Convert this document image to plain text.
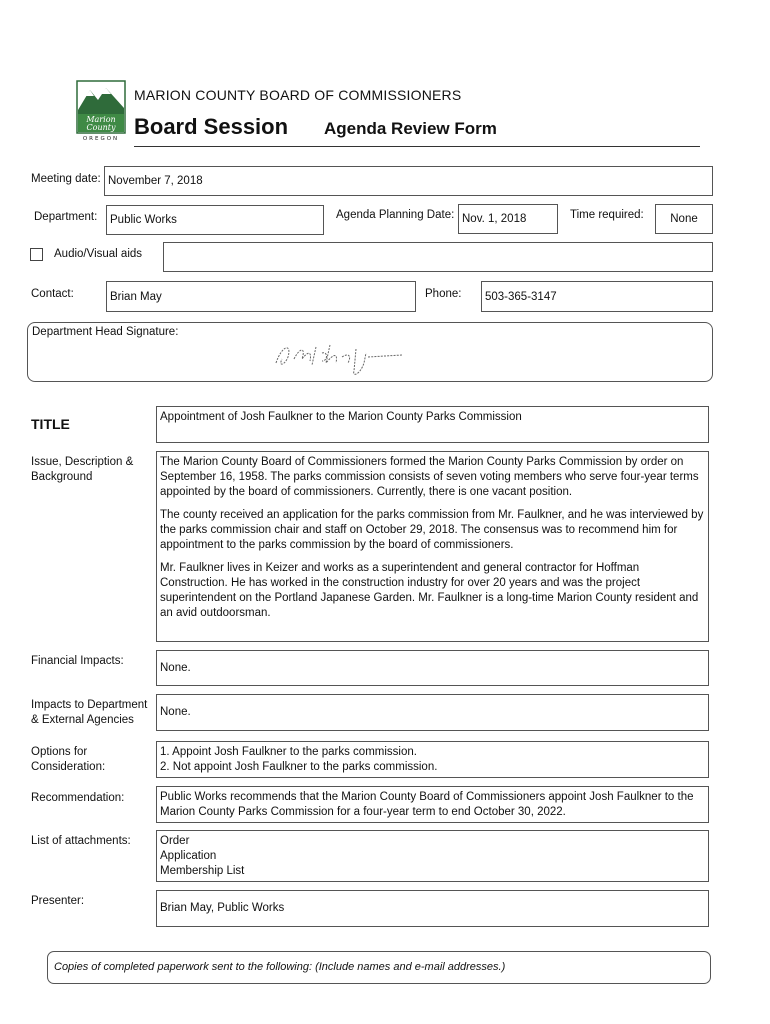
Marion
County
OREGON
MARION COUNTY BOARD OF COMMISSIONERS
Board Session Agenda Review Form
Meeting date: November 7, 2018
Department: Public Works	Agenda Planning Date: Nov. 1, 2018	Time required:	None
Audio/Visual aids
Contact:	Brian May	Phone: 503-365-3147
Department Head Signature:
TITLE	Appointment of Josh Faulkner to the Marion County Parks Commission
Issue, Description & Background

The Marion County Board of Commissioners formed the Marion County Parks Commission by order on September 16, 1958. The parks commission consists of seven voting members who serve four-year terms appointed by the board of commissioners. Currently, there is one vacant position.

The county received an application for the parks commission from Mr. Faulkner, and he was interviewed by the parks commission chair and staff on October 29, 2018. The consensus was to recommend him for appointment to the parks commission by the board of commissioners.

Mr. Faulkner lives in Keizer and works as a superintendent and general contractor for Hoffman Construction. He has worked in the construction industry for over 20 years and was the project superintendent on the Portland Japanese Garden. Mr. Faulkner is a long-time Marion County resident and an avid outdoorsman.

Financial Impacts:
None.
Impacts to Department & External Agencies
None.
Options for Consideration:
1. Appoint Josh Faulkner to the parks commission.
2. Not appoint Josh Faulkner to the parks commission.
Recommendation:	Public Works recommends that the Marion County Board of Commissioners appoint Josh Faulkner to the Marion County Parks Commission for a four-year term to end October 30, 2022.
List of attachments:	Order
Application
Membership List
Presenter:
Brian May, Public Works
Copies of completed paperwork sent to the following: (Include names and e-mail addresses.)
